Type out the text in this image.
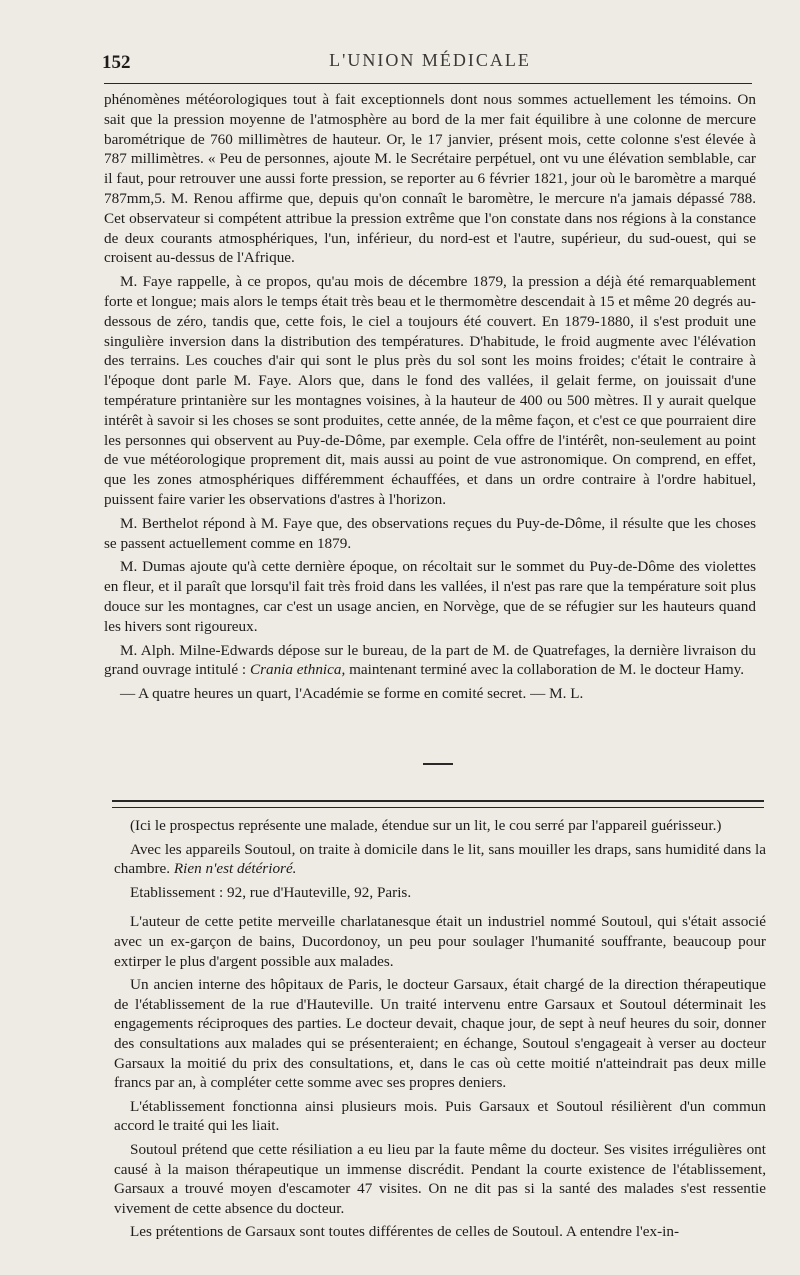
152	L'UNION MÉDICALE

phénomènes météorologiques tout à fait exceptionnels dont nous sommes actuellement les témoins. On sait que la pression moyenne de l'atmosphère au bord de la mer fait équilibre à une colonne de mercure barométrique de 760 millimètres de hauteur. Or, le 17 janvier, présent mois, cette colonne s'est élevée à 787 millimètres. « Peu de personnes, ajoute M. le Secrétaire perpétuel, ont vu une élévation semblable, car il faut, pour retrouver une aussi forte pression, se reporter au 6 février 1821, jour où le baromètre a marqué 787mm,5. M. Renou affirme que, depuis qu'on connaît le baromètre, le mercure n'a jamais dépassé 788. Cet observateur si compétent attribue la pression extrême que l'on constate dans nos régions à la constance de deux courants atmosphériques, l'un, inférieur, du nord-est et l'autre, supérieur, du sud-ouest, qui se croisent au-dessus de l'Afrique.

M. Faye rappelle, à ce propos, qu'au mois de décembre 1879, la pression a déjà été remarquablement forte et longue; mais alors le temps était très beau et le thermomètre descendait à 15 et même 20 degrés au-dessous de zéro, tandis que, cette fois, le ciel a toujours été couvert. En 1879-1880, il s'est produit une singulière inversion dans la distribution des températures. D'habitude, le froid augmente avec l'élévation des terrains. Les couches d'air qui sont le plus près du sol sont les moins froides; c'était le contraire à l'époque dont parle M. Faye. Alors que, dans le fond des vallées, il gelait ferme, on jouissait d'une température printanière sur les montagnes voisines, à la hauteur de 400 ou 500 mètres. Il y aurait quelque intérêt à savoir si les choses se sont produites, cette année, de la même façon, et c'est ce que pourraient dire les personnes qui observent au Puy-de-Dôme, par exemple. Cela offre de l'intérêt, non-seulement au point de vue météorologique proprement dit, mais aussi au point de vue astronomique. On comprend, en effet, que les zones atmosphériques différemment échauffées, et dans un ordre contraire à l'ordre habituel, puissent faire varier les observations d'astres à l'horizon.

M. Berthelot répond à M. Faye que, des observations reçues du Puy-de-Dôme, il résulte que les choses se passent actuellement comme en 1879.

M. Dumas ajoute qu'à cette dernière époque, on récoltait sur le sommet du Puy-de-Dôme des violettes en fleur, et il paraît que lorsqu'il fait très froid dans les vallées, il n'est pas rare que la température soit plus douce sur les montagnes, car c'est un usage ancien, en Norvège, que de se réfugier sur les hauteurs quand les hivers sont rigoureux.

M. Alph. Milne-Edwards dépose sur le bureau, de la part de M. de Quatrefages, la dernière livraison du grand ouvrage intitulé : Crania ethnica, maintenant terminé avec la collaboration de M. le docteur Hamy.

— A quatre heures un quart, l'Académie se forme en comité secret. — M. L.

(Ici le prospectus représente une malade, étendue sur un lit, le cou serré par l'appareil guérisseur.)

Avec les appareils Soutoul, on traite à domicile dans le lit, sans mouiller les draps, sans humidité dans la chambre. Rien n'est détérioré.

Etablissement : 92, rue d'Hauteville, 92, Paris.

L'auteur de cette petite merveille charlatanesque était un industriel nommé Soutoul, qui s'était associé avec un ex-garçon de bains, Ducordonoy, un peu pour soulager l'humanité souffrante, beaucoup pour extirper le plus d'argent possible aux malades.

Un ancien interne des hôpitaux de Paris, le docteur Garsaux, était chargé de la direction thérapeutique de l'établissement de la rue d'Hauteville. Un traité intervenu entre Garsaux et Soutoul déterminait les engagements réciproques des parties. Le docteur devait, chaque jour, de sept à neuf heures du soir, donner des consultations aux malades qui se présenteraient; en échange, Soutoul s'engageait à verser au docteur Garsaux la moitié du prix des consultations, et, dans le cas où cette moitié n'atteindrait pas deux mille francs par an, à compléter cette somme avec ses propres deniers.

L'établissement fonctionna ainsi plusieurs mois. Puis Garsaux et Soutoul résilièrent d'un commun accord le traité qui les liait.

Soutoul prétend que cette résiliation a eu lieu par la faute même du docteur. Ses visites irrégulières ont causé à la maison thérapeutique un immense discrédit. Pendant la courte existence de l'établissement, Garsaux a trouvé moyen d'escamoter 47 visites. On ne dit pas si la santé des malades s'est ressentie vivement de cette absence du docteur.

Les prétentions de Garsaux sont toutes différentes de celles de Soutoul. A entendre l'ex-in-
